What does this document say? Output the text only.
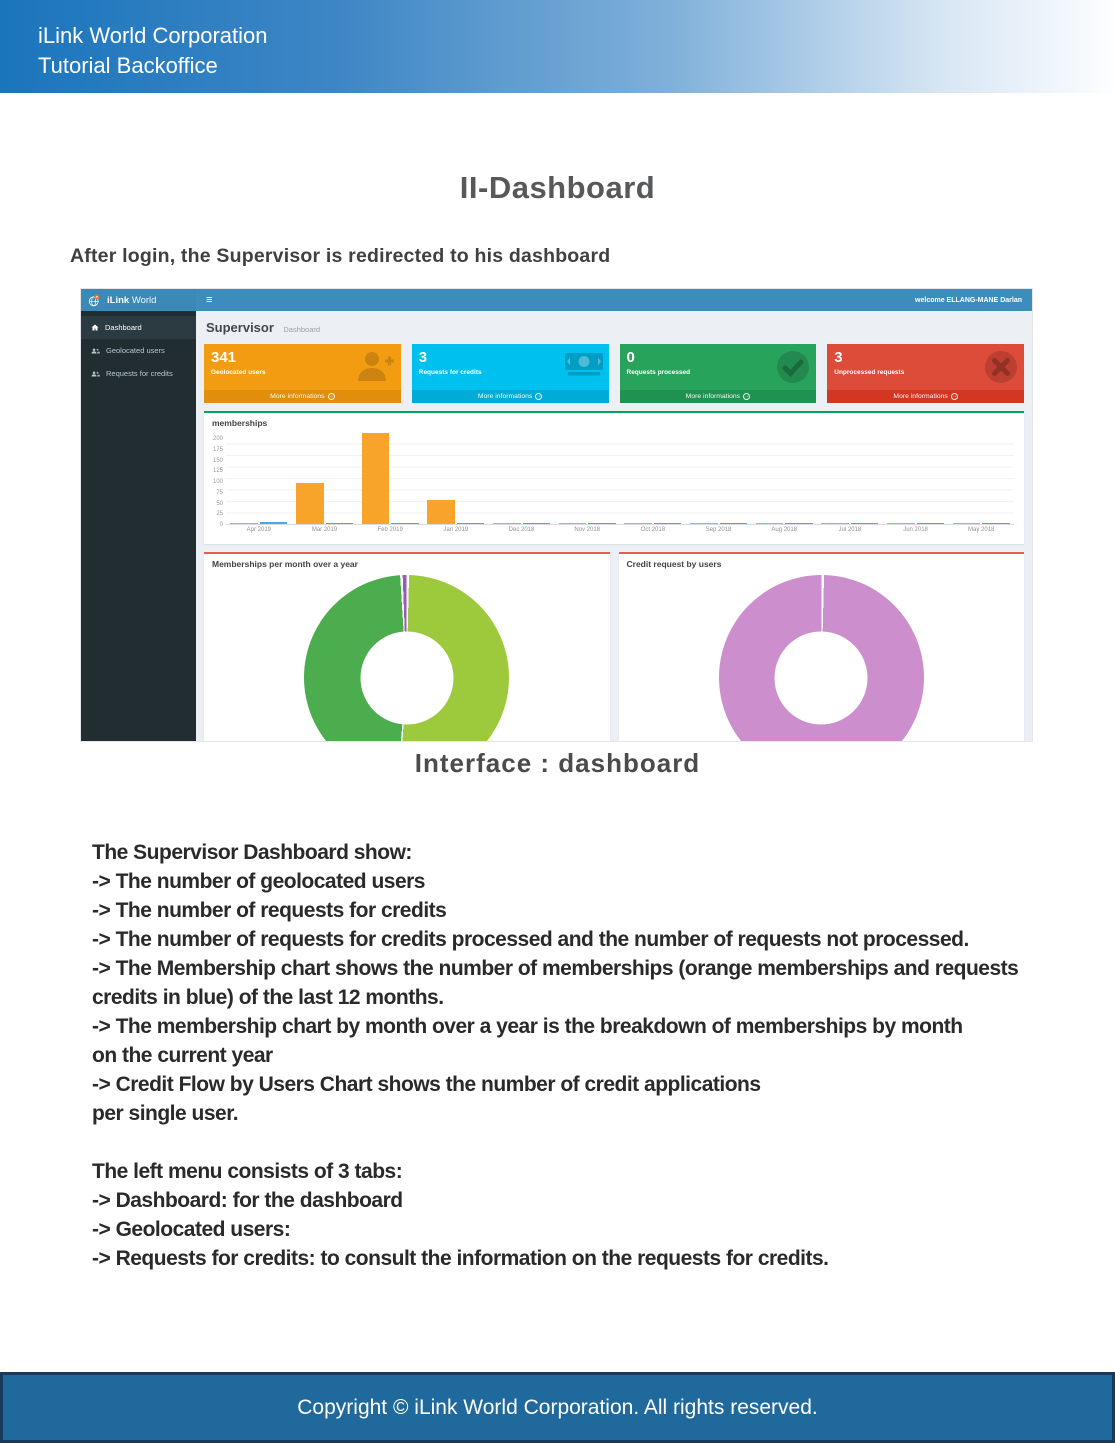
iLink World Corporation
Tutorial Backoffice
II-Dashboard
After login, the Supervisor is redirected to his dashboard
iLink World	≡	welcome ELLANG-MANE Darlan
Dashboard
Geolocated users
Requests for credits
Supervisor Dashboard
341
Geolocated users
More informations →
3
Requests for credits
More informations →
0
Requests processed
More informations →
3
Unprocessed requests
More informations →
memberships
200
175
150
125
100
75
50
25
0
Apr 2019	Mar 2019	Feb 2019	Jan 2019	Dec 2018	Nov 2018	Oct 2018	Sep 2018	Aug 2018	Jul 2018	Jun 2018	May 2018
Memberships per month over a year	Credit request by users
Interface : dashboard
The Supervisor Dashboard show:
-> The number of geolocated users
-> The number of requests for credits
-> The number of requests for credits processed and the number of requests not processed.
-> The Membership chart shows the number of memberships (orange memberships and requests
credits in blue) of the last 12 months.
-> The membership chart by month over a year is the breakdown of memberships by month
on the current year
-> Credit Flow by Users Chart shows the number of credit applications
per single user.
The left menu consists of 3 tabs:
-> Dashboard: for the dashboard
-> Geolocated users:
-> Requests for credits: to consult the information on the requests for credits.
Copyright © iLink World Corporation. All rights reserved.
